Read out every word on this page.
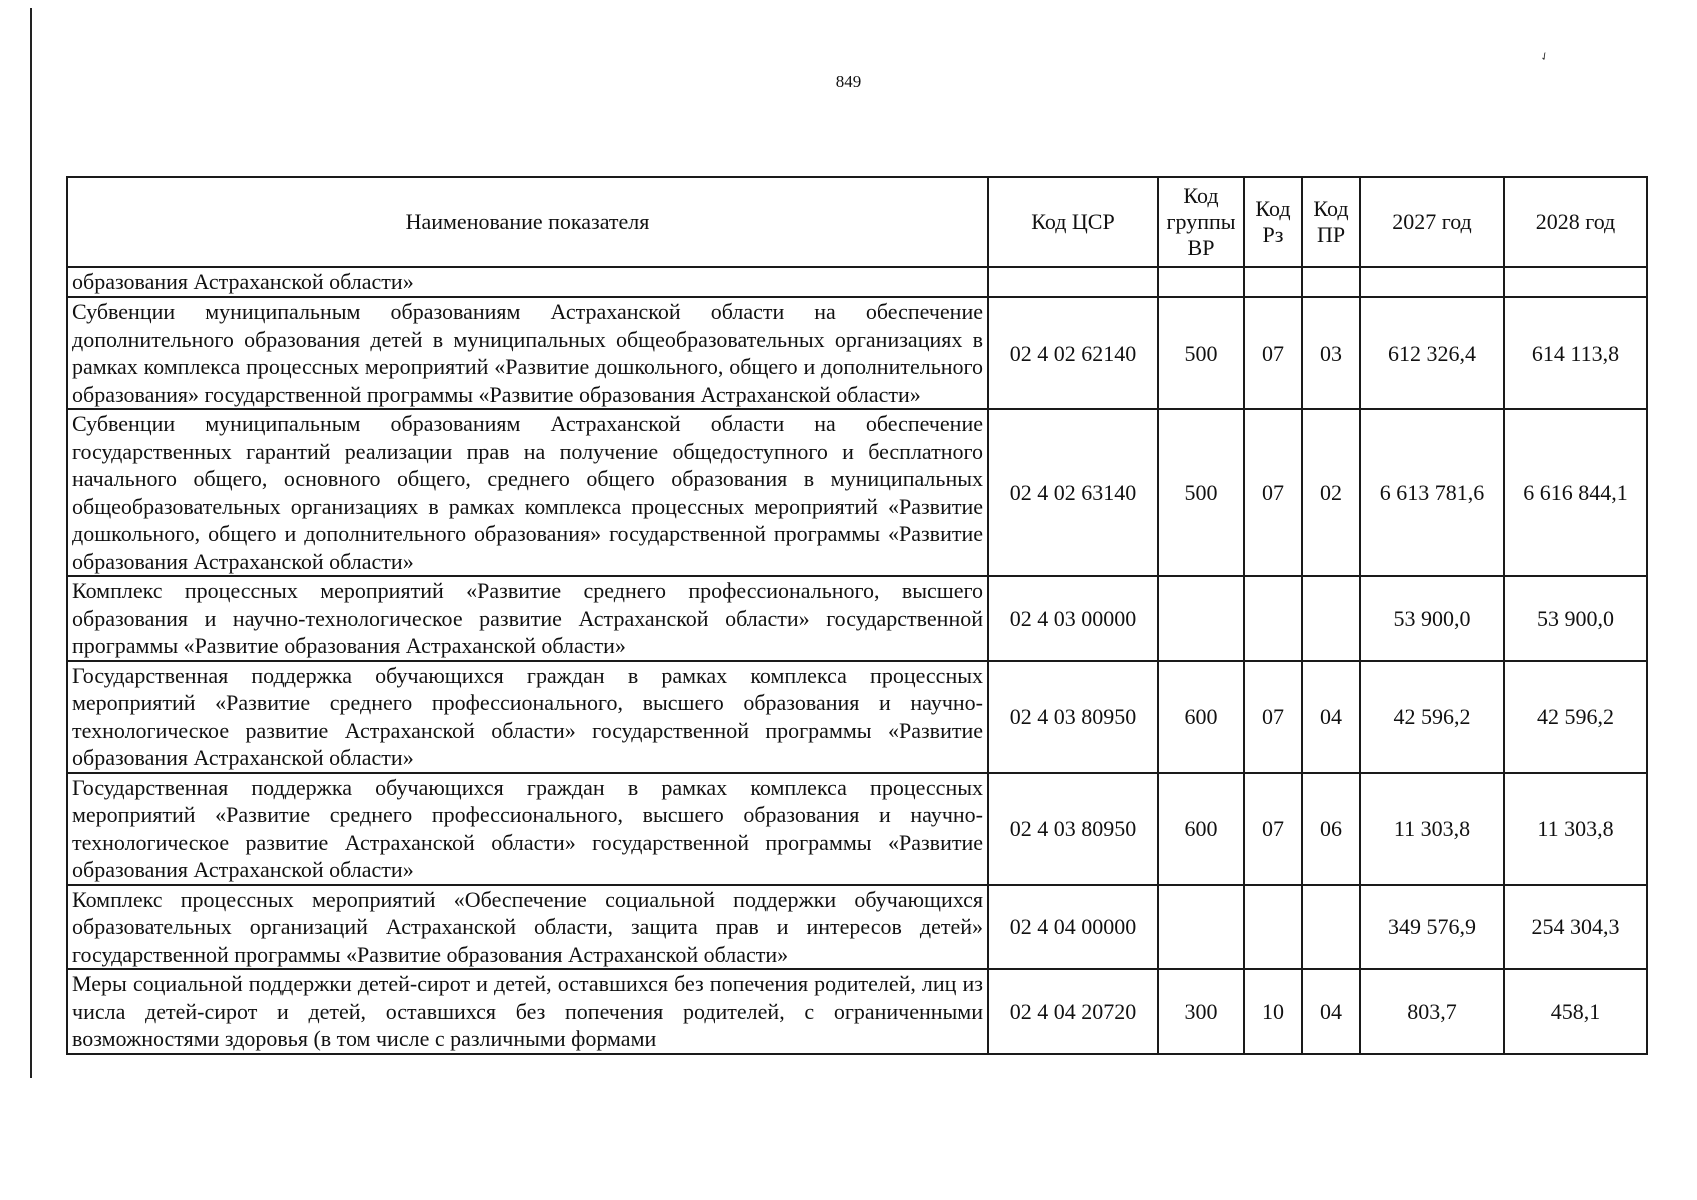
✓
849
Наименование показателя	Код ЦСР	Код группы ВР	Код Рз	Код ПР	2027 год	2028 год
образования Астраханской области»						
Субвенции муниципальным образованиям Астраханской области на обеспечение дополнительного образования детей в муниципальных общеобразовательных организациях в рамках комплекса процессных мероприятий «Развитие дошкольного, общего и дополнительного образования» государственной программы «Развитие образования Астраханской области»	02 4 02 62140	500	07	03	612 326,4	614 113,8
Субвенции муниципальным образованиям Астраханской области на обеспечение государственных гарантий реализации прав на получение общедоступного и бесплатного начального общего, основного общего, среднего общего образования в муниципальных общеобразовательных организациях в рамках комплекса процессных мероприятий «Развитие дошкольного, общего и дополнительного образования» государственной программы «Развитие образования Астраханской области»	02 4 02 63140	500	07	02	6 613 781,6	6 616 844,1
Комплекс процессных мероприятий «Развитие среднего профессионального, высшего образования и научно-технологическое развитие Астраханской области» государственной программы «Развитие образования Астраханской области»	02 4 03 00000				53 900,0	53 900,0
Государственная поддержка обучающихся граждан в рамках комплекса процессных мероприятий «Развитие среднего профессионального, высшего образования и научно-технологическое развитие Астраханской области» государственной программы «Развитие образования Астраханской области»	02 4 03 80950	600	07	04	42 596,2	42 596,2
Государственная поддержка обучающихся граждан в рамках комплекса процессных мероприятий «Развитие среднего профессионального, высшего образования и научно-технологическое развитие Астраханской области» государственной программы «Развитие образования Астраханской области»	02 4 03 80950	600	07	06	11 303,8	11 303,8
Комплекс процессных мероприятий «Обеспечение социальной поддержки обучающихся образовательных организаций Астраханской области, защита прав и интересов детей» государственной программы «Развитие образования Астраханской области»	02 4 04 00000				349 576,9	254 304,3
Меры социальной поддержки детей-сирот и детей, оставшихся без попечения родителей, лиц из числа детей-сирот и детей, оставшихся без попечения родителей, с ограниченными возможностями здоровья (в том числе с различными формами	02 4 04 20720	300	10	04	803,7	458,1
